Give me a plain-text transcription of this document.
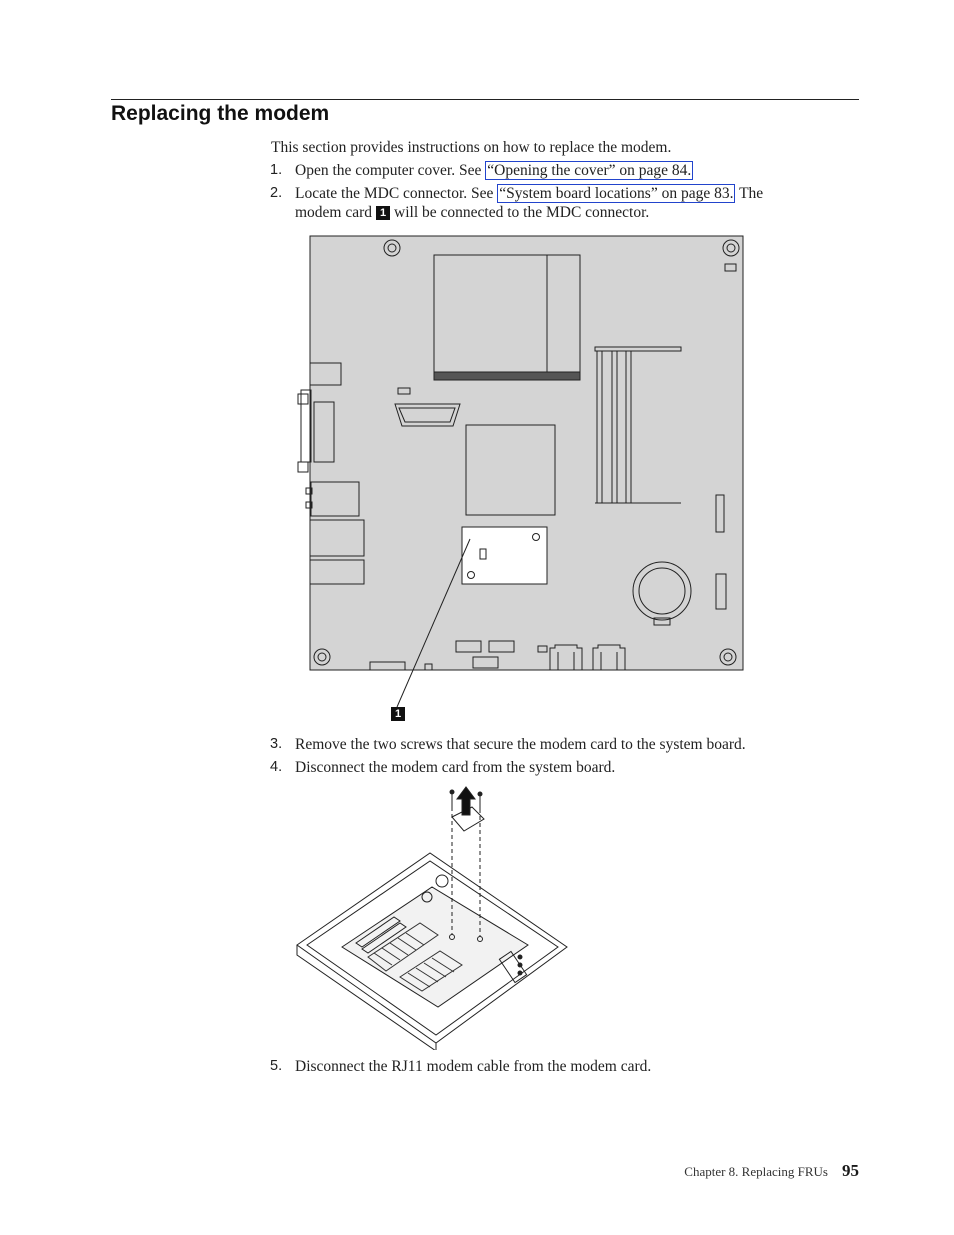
Replacing the modem
This section provides instructions on how to replace the modem.
1. Open the computer cover. See “Opening the cover” on page 84.
2. Locate the MDC connector. See “System board locations” on page 83. The
modem card 1 will be connected to the MDC connector.
1
3. Remove the two screws that secure the modem card to the system board.
4. Disconnect the modem card from the system board.
5. Disconnect the RJ11 modem cable from the modem card.
Chapter 8. Replacing FRUs 95
